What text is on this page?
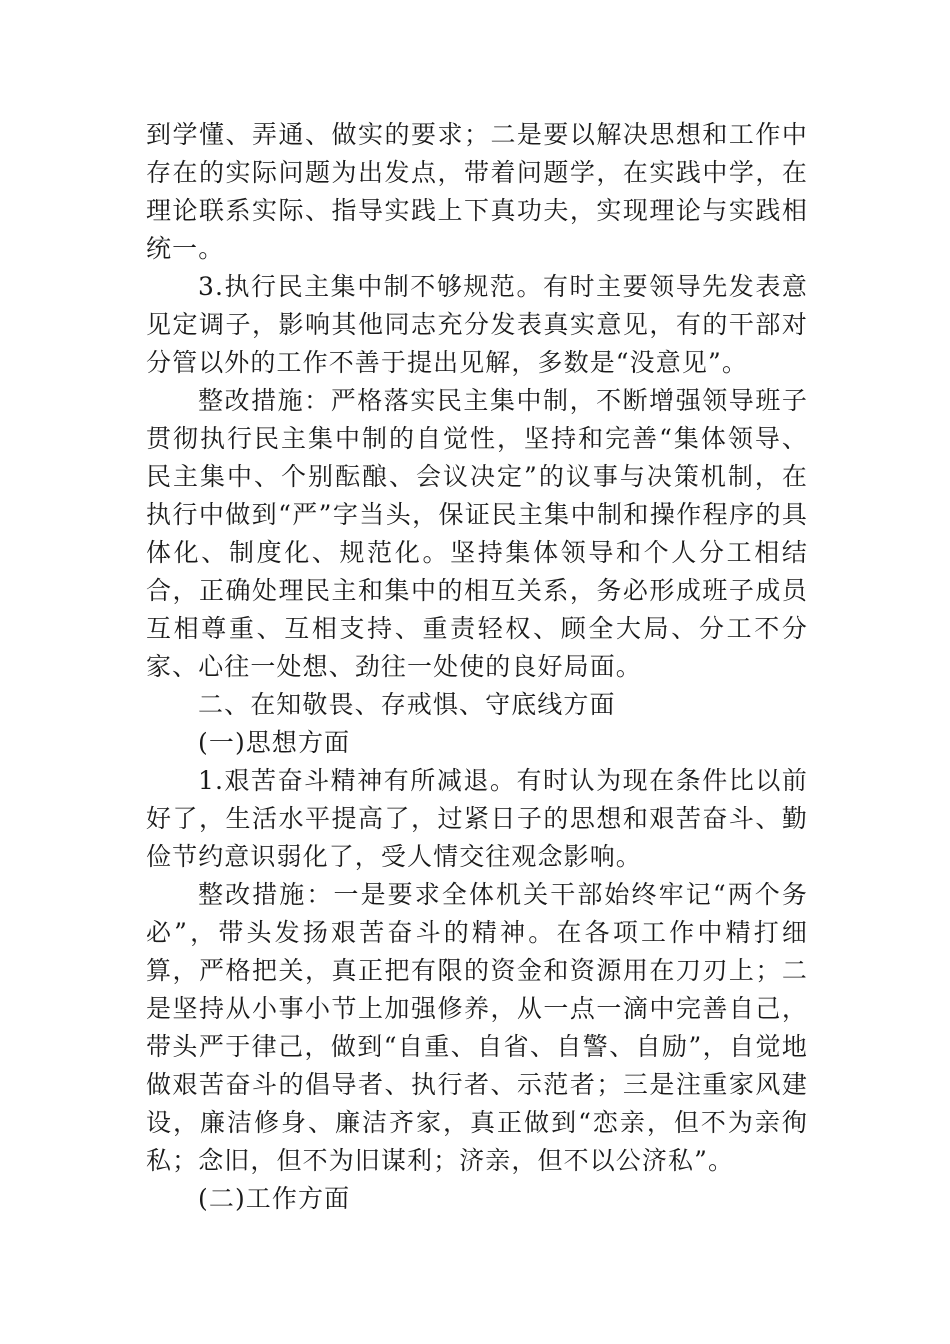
到学懂、弄通、做实的要求；二是要以解决思想和工作中存在的实际问题为出发点，带着问题学，在实践中学，在理论联系实际、指导实践上下真功夫，实现理论与实践相统一。

3.执行民主集中制不够规范。有时主要领导先发表意见定调子，影响其他同志充分发表真实意见，有的干部对分管以外的工作不善于提出见解，多数是“没意见”。

整改措施：严格落实民主集中制，不断增强领导班子贯彻执行民主集中制的自觉性，坚持和完善“集体领导、民主集中、个别酝酿、会议决定”的议事与决策机制，在执行中做到“严”字当头，保证民主集中制和操作程序的具体化、制度化、规范化。坚持集体领导和个人分工相结合，正确处理民主和集中的相互关系，务必形成班子成员互相尊重、互相支持、重责轻权、顾全大局、分工不分家、心往一处想、劲往一处使的良好局面。

二、在知敬畏、存戒惧、守底线方面

(一)思想方面

1.艰苦奋斗精神有所减退。有时认为现在条件比以前好了，生活水平提高了，过紧日子的思想和艰苦奋斗、勤俭节约意识弱化了，受人情交往观念影响。

整改措施：一是要求全体机关干部始终牢记“两个务必”，带头发扬艰苦奋斗的精神。在各项工作中精打细算，严格把关，真正把有限的资金和资源用在刀刃上；二是坚持从小事小节上加强修养，从一点一滴中完善自己，带头严于律己，做到“自重、自省、自警、自励”，自觉地做艰苦奋斗的倡导者、执行者、示范者；三是注重家风建设，廉洁修身、廉洁齐家，真正做到“恋亲，但不为亲徇私；念旧，但不为旧谋利；济亲，但不以公济私”。

(二)工作方面
